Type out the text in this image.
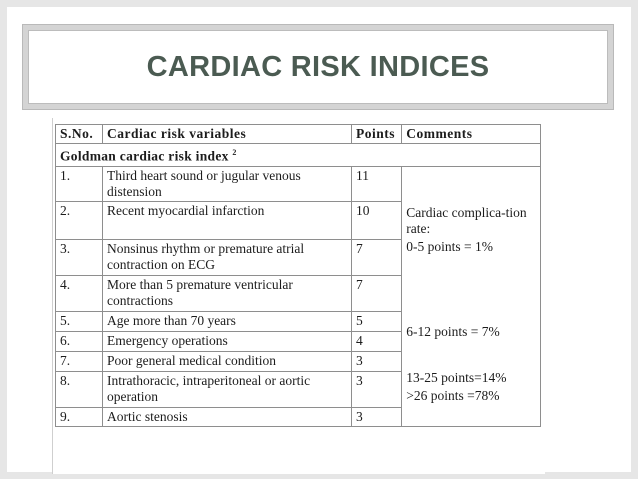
CARDIAC RISK INDICES
S.No.	Cardiac risk variables	Points	Comments
Goldman cardiac risk index $^2$
1.	Third heart sound or jugular venous distension	11	Cardiac complica-tion rate:
0-5 points = 1%
6-12 points = 7%
13-25 points=14%
>26 points =78%

2.	Recent myocardial infarction	10	
3.	Nonsinus rhythm or premature atrial contraction on ECG	7	
4.	More than 5 premature ventricular contractions	7	
5.	Age more than 70 years	5	
6.	Emergency operations	4	
7.	Poor general medical condition	3	
8.	Intrathoracic, intraperitoneal or aortic operation	3	
9.	Aortic stenosis	3	
